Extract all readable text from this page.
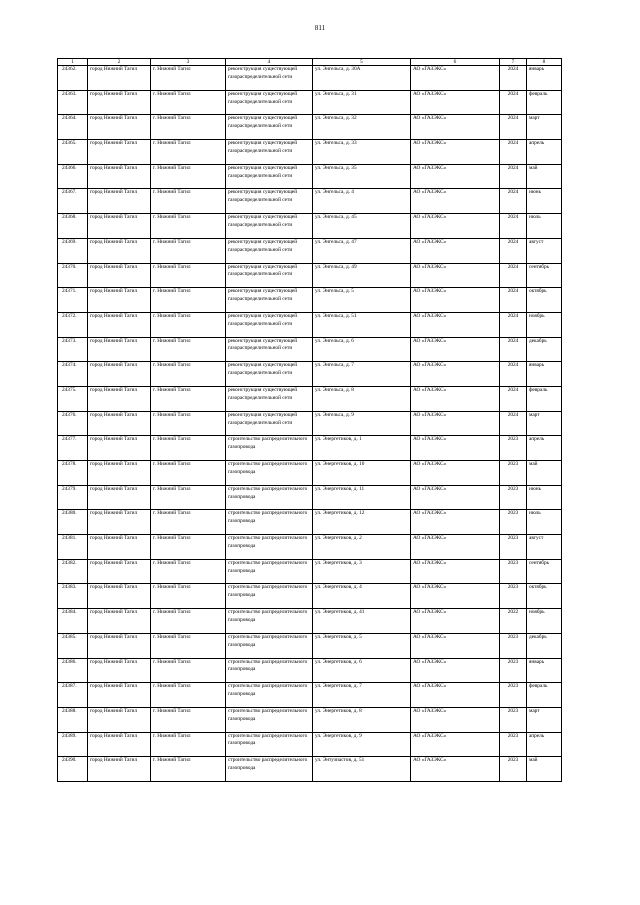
811
1	2	3	4	5	6	7	8
24362.	город Нижний Тагил	г. Нижний Тагил	реконструкция существующей газораспределительной сети	ул. Энгельса, д. 30А	АО «ГАЗЭКС»	2024	январь
24363.	город Нижний Тагил	г. Нижний Тагил	реконструкция существующей газораспределительной сети	ул. Энгельса, д. 31	АО «ГАЗЭКС»	2024	февраль
24364.	город Нижний Тагил	г. Нижний Тагил	реконструкция существующей газораспределительной сети	ул. Энгельса, д. 32	АО «ГАЗЭКС»	2024	март
24365.	город Нижний Тагил	г. Нижний Тагил	реконструкция существующей газораспределительной сети	ул. Энгельса, д. 33	АО «ГАЗЭКС»	2024	апрель
24366.	город Нижний Тагил	г. Нижний Тагил	реконструкция существующей газораспределительной сети	ул. Энгельса, д. 35	АО «ГАЗЭКС»	2024	май
24367.	город Нижний Тагил	г. Нижний Тагил	реконструкция существующей газораспределительной сети	ул. Энгельса, д. 4	АО «ГАЗЭКС»	2024	июнь
24368.	город Нижний Тагил	г. Нижний Тагил	реконструкция существующей газораспределительной сети	ул. Энгельса, д. 45	АО «ГАЗЭКС»	2024	июль
24369.	город Нижний Тагил	г. Нижний Тагил	реконструкция существующей газораспределительной сети	ул. Энгельса, д. 47	АО «ГАЗЭКС»	2024	август
24370.	город Нижний Тагил	г. Нижний Тагил	реконструкция существующей газораспределительной сети	ул. Энгельса, д. 49	АО «ГАЗЭКС»	2024	сентябрь
24371.	город Нижний Тагил	г. Нижний Тагил	реконструкция существующей газораспределительной сети	ул. Энгельса, д. 5	АО «ГАЗЭКС»	2024	октябрь
24372.	город Нижний Тагил	г. Нижний Тагил	реконструкция существующей газораспределительной сети	ул. Энгельса, д. 51	АО «ГАЗЭКС»	2024	ноябрь
24373.	город Нижний Тагил	г. Нижний Тагил	реконструкция существующей газораспределительной сети	ул. Энгельса, д. 6	АО «ГАЗЭКС»	2024	декабрь
24374.	город Нижний Тагил	г. Нижний Тагил	реконструкция существующей газораспределительной сети	ул. Энгельса, д. 7	АО «ГАЗЭКС»	2024	январь
24375.	город Нижний Тагил	г. Нижний Тагил	реконструкция существующей газораспределительной сети	ул. Энгельса, д. 8	АО «ГАЗЭКС»	2024	февраль
24376.	город Нижний Тагил	г. Нижний Тагил	реконструкция существующей газораспределительной сети	ул. Энгельса, д. 9	АО «ГАЗЭКС»	2024	март
24377.	город Нижний Тагил	г. Нижний Тагил	строительство распределительного газопровода	ул. Энергетиков, д. 1	АО «ГАЗЭКС»	2023	апрель
24378.	город Нижний Тагил	г. Нижний Тагил	строительство распределительного газопровода	ул. Энергетиков, д. 10	АО «ГАЗЭКС»	2023	май
24379.	город Нижний Тагил	г. Нижний Тагил	строительство распределительного газопровода	ул. Энергетиков, д. 11	АО «ГАЗЭКС»	2023	июнь
24380.	город Нижний Тагил	г. Нижний Тагил	строительство распределительного газопровода	ул. Энергетиков, д. 12	АО «ГАЗЭКС»	2023	июль
24381.	город Нижний Тагил	г. Нижний Тагил	строительство распределительного газопровода	ул. Энергетиков, д. 2	АО «ГАЗЭКС»	2023	август
24382.	город Нижний Тагил	г. Нижний Тагил	строительство распределительного газопровода	ул. Энергетиков, д. 3	АО «ГАЗЭКС»	2023	сентябрь
24383.	город Нижний Тагил	г. Нижний Тагил	строительство распределительного газопровода	ул. Энергетиков, д. 4	АО «ГАЗЭКС»	2023	октябрь
24384.	город Нижний Тагил	г. Нижний Тагил	строительство распределительного газопровода	ул. Энергетиков, д. 41	АО «ГАЗЭКС»	2022	ноябрь
24385.	город Нижний Тагил	г. Нижний Тагил	строительство распределительного газопровода	ул. Энергетиков, д. 5	АО «ГАЗЭКС»	2023	декабрь
24386.	город Нижний Тагил	г. Нижний Тагил	строительство распределительного газопровода	ул. Энергетиков, д. 6	АО «ГАЗЭКС»	2023	январь
24387.	город Нижний Тагил	г. Нижний Тагил	строительство распределительного газопровода	ул. Энергетиков, д. 7	АО «ГАЗЭКС»	2023	февраль
24388.	город Нижний Тагил	г. Нижний Тагил	строительство распределительного газопровода	ул. Энергетиков, д. 8	АО «ГАЗЭКС»	2023	март
24389.	город Нижний Тагил	г. Нижний Тагил	строительство распределительного газопровода	ул. Энергетиков, д. 9	АО «ГАЗЭКС»	2023	апрель
24390.	город Нижний Тагил	г. Нижний Тагил	строительство распределительного газопровода	ул. Энтузиастов, д. 51	АО «ГАЗЭКС»	2023	май
